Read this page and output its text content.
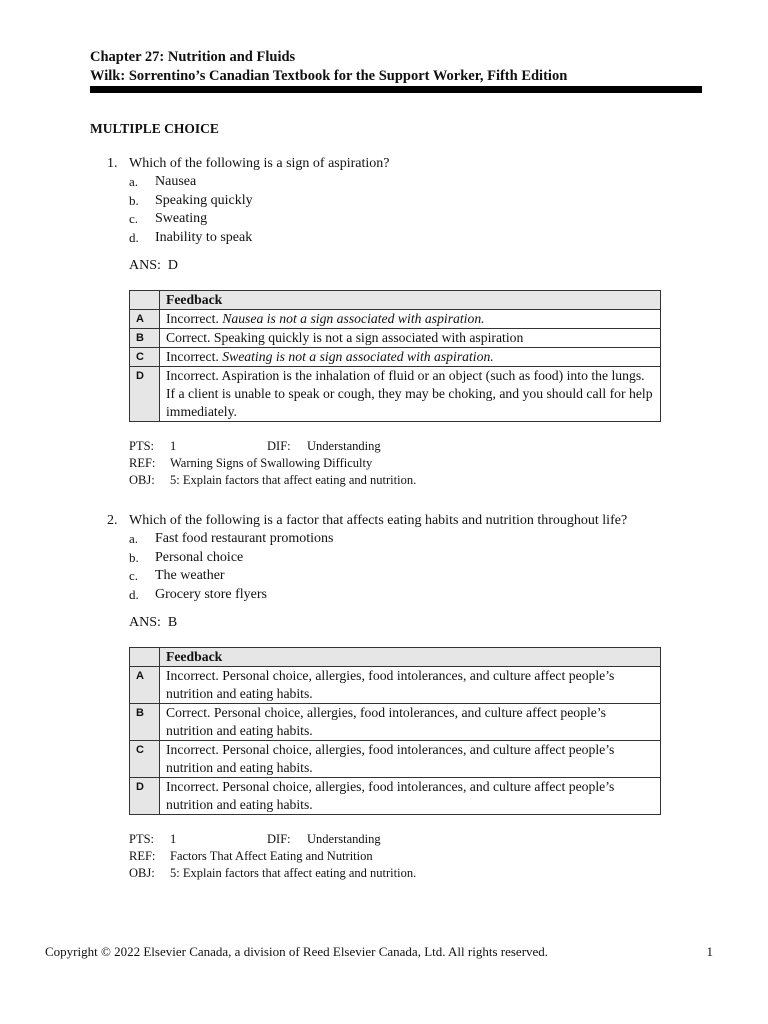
Chapter 27: Nutrition and Fluids
Wilk: Sorrentino’s Canadian Textbook for the Support Worker, Fifth Edition
MULTIPLE CHOICE
1. Which of the following is a sign of aspiration?
a. Nausea
b. Speaking quickly
c. Sweating
d. Inability to speak
ANS: D
	Feedback
A	Incorrect. Nausea is not a sign associated with aspiration.
B	Correct. Speaking quickly is not a sign associated with aspiration
C	Incorrect. Sweating is not a sign associated with aspiration.
D	Incorrect. Aspiration is the inhalation of fluid or an object (such as food) into the lungs. If a client is unable to speak or cough, they may be choking, and you should call for help immediately.
PTS: 1	DIF: Understanding
REF: Warning Signs of Swallowing Difficulty
OBJ: 5: Explain factors that affect eating and nutrition.
2. Which of the following is a factor that affects eating habits and nutrition throughout life?
a. Fast food restaurant promotions
b. Personal choice
c. The weather
d. Grocery store flyers
ANS: B
	Feedback
A	Incorrect. Personal choice, allergies, food intolerances, and culture affect people’s nutrition and eating habits.
B	Correct. Personal choice, allergies, food intolerances, and culture affect people’s nutrition and eating habits.
C	Incorrect. Personal choice, allergies, food intolerances, and culture affect people’s nutrition and eating habits.
D	Incorrect. Personal choice, allergies, food intolerances, and culture affect people’s nutrition and eating habits.
PTS: 1	DIF: Understanding
REF: Factors That Affect Eating and Nutrition
OBJ: 5: Explain factors that affect eating and nutrition.
Copyright © 2022 Elsevier Canada, a division of Reed Elsevier Canada, Ltd. All rights reserved.	1
